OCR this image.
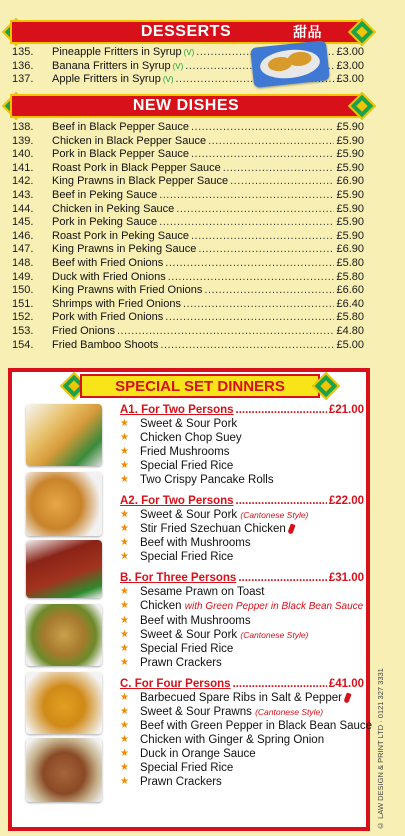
DESSERTS	甜品
135.	Pineapple Fritters in Syrup (V) .....	£3.00
136.	Banana Fritters in Syrup (V) .....	£3.00
137.	Apple Fritters in Syrup (V) .....	£3.00
NEW DISHES
138.	Beef in Black Pepper Sauce .....	£5.90
139.	Chicken in Black Pepper Sauce .....	£5.90
140.	Pork in Black Pepper Sauce .....	£5.90
141.	Roast Pork in Black Pepper Sauce .....	£5.90
142.	King Prawns in Black Pepper Sauce .....	£6.90
143.	Beef in Peking Sauce .....	£5.90
144.	Chicken in Peking Sauce .....	£5.90
145.	Pork in Peking Sauce .....	£5.90
146.	Roast Pork in Peking Sauce .....	£5.90
147.	King Prawns in Peking Sauce .....	£6.90
148.	Beef with Fried Onions .....	£5.80
149.	Duck with Fried Onions .....	£5.80
150.	King Prawns with Fried Onions .....	£6.60
151.	Shrimps with Fried Onions .....	£6.40
152.	Pork with Fried Onions .....	£5.80
153.	Fried Onions .....	£4.80
154.	Fried Bamboo Shoots .....	£5.00
SPECIAL SET DINNERS
A1. For Two Persons .....	£21.00
★ Sweet & Sour Pork
★ Chicken Chop Suey
★ Fried Mushrooms
★ Special Fried Rice
★ Two Crispy Pancake Rolls
A2. For Two Persons .....	£22.00
★ Sweet & Sour Pork (Cantonese Style)
★ Stir Fried Szechuan Chicken
★ Beef with Mushrooms
★ Special Fried Rice
B. For Three Persons .....	£31.00
★ Sesame Prawn on Toast
★ Chicken with Green Pepper in Black Bean Sauce
★ Beef with Mushrooms
★ Sweet & Sour Pork (Cantonese Style)
★ Special Fried Rice
★ Prawn Crackers
C. For Four Persons .....	£41.00
★ Barbecued Spare Ribs in Salt & Pepper
★ Sweet & Sour Prawns (Cantonese Style)
★ Beef with Green Pepper in Black Bean Sauce
★ Chicken with Ginger & Spring Onion
★ Duck in Orange Sauce
★ Special Fried Rice
★ Prawn Crackers	© LAW DESIGN & PRINT LTD · 0121 327 3331
